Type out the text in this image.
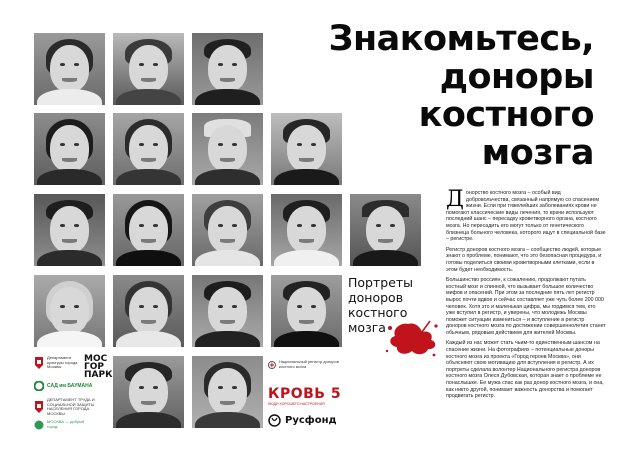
Знакомьтесь,
доноры
костного
мозга
Портреты
доноров
костного
мозга

Д онорство костного мозга – особый вид добровольчества, связанный напрямую со спасением жизни. Если при тяжелейших заболеваниях крови не помогают классические виды лечения, то врачи используют последний шанс – пересадку кроветворного органа, костного мозга. Но пересадить его могут только от генетического близнеца больного человека, которого ищут в специальной базе – регистре.

Регистр доноров костного мозга – сообщество людей, которые знают о проблеме, понимают, что это безопасная процедура, и готовы поделиться своими кроветворными клетками, если в этом будет необходимость.

Большинство россиян, к сожалению, продолжают путать костный мозг и спинной, что вызывает большое количество мифов и опасений. При этом за последние пять лет регистр вырос почти вдвое и сейчас составляет уже чуть более 200 000 человек. Хотя это и маленькая цифра, мы гордимся тем, кто уже вступил в регистр, и уверены, что молодежь Москвы поможет ситуации измениться – и вступление в регистр доноров костного мозга по достижении совершеннолетия станет обычным, рядовым действием для жителей Москвы.

Каждый из нас может стать чьим-то единственным шансом на спасение жизни. На фотографиях – потенциальные доноры костного мозга из проекта «Город героев Москва», они объясняют свою мотивацию для вступления в регистр. А их портреты сделала волонтер Национального регистра доноров костного мозга Олеся Дубовская, которая знает о проблеме не понаслышке. Ее мужа спас как раз донор костного мозга, и она, как никто другой, понимает важность донорства и помогает продвигать регистр.

Департамент культуры города Москвы
МОС
ГОР
ПАРК
САД им БАУМАНА
ДЕПАРТАМЕНТ ТРУДА И СОЦИАЛЬНОЙ ЗАЩИТЫ НАСЕЛЕНИЯ ГОРОДА МОСКВЫ
МОСКВА — добрый город
Национальный регистр доноров костного мозга
КРОВЬ 5
ЛЮДИ ХОРОШЕГО НАСТРОЕНИЯ
Русфонд
